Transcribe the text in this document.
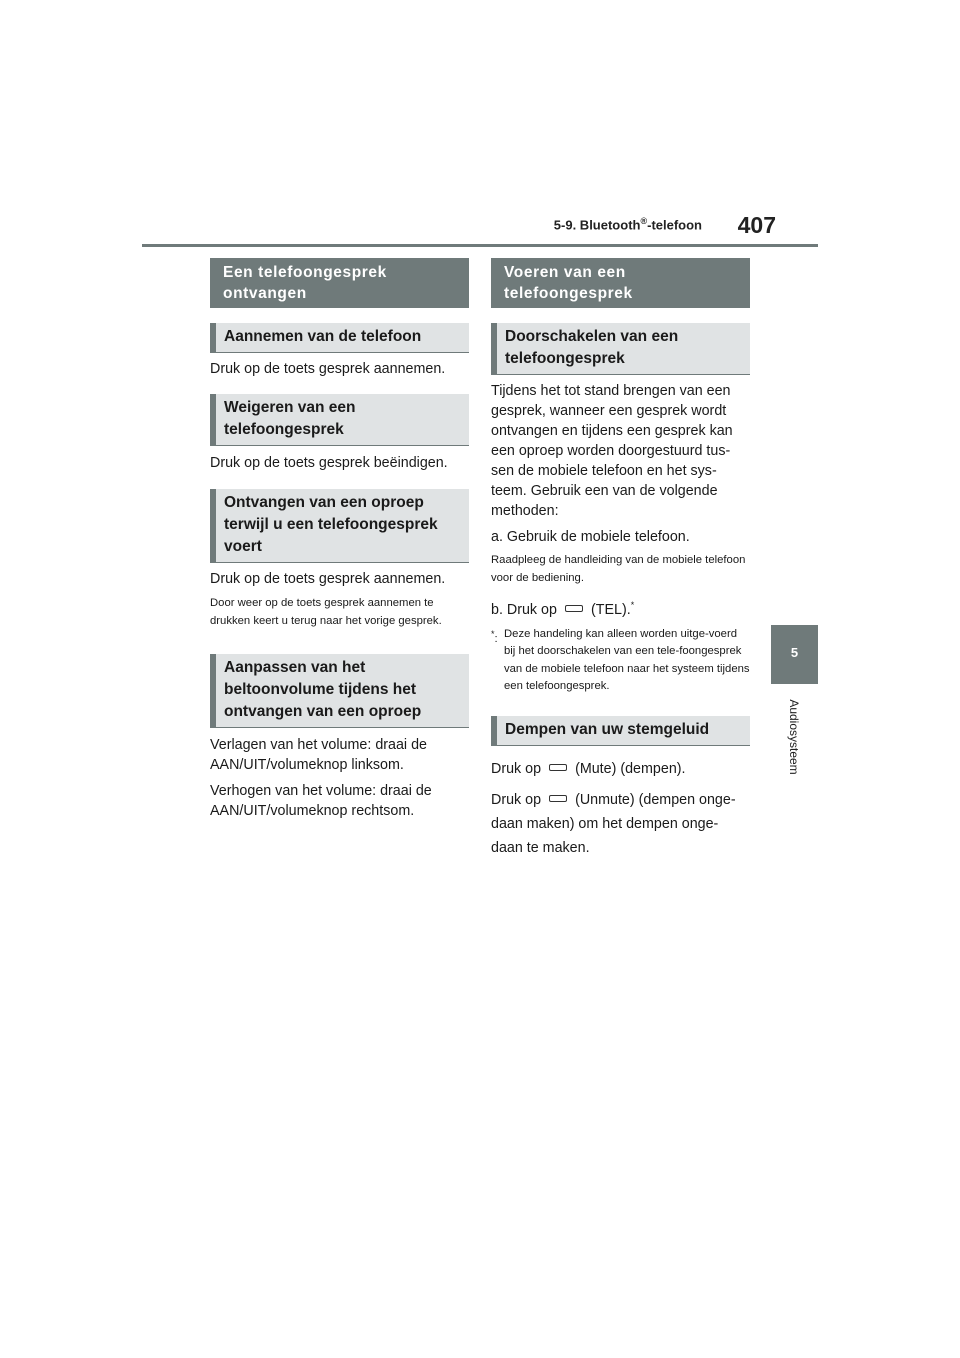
5-9. Bluetooth®-telefoon	407
5
Audiosysteem
Een telefoongesprek ontvangen
Aannemen van de telefoon

Druk op de toets gesprek aannemen.

Weigeren van een telefoongesprek

Druk op de toets gesprek beëindigen.

Ontvangen van een oproep terwijl u een telefoongesprek voert

Druk op de toets gesprek aannemen.

Door weer op de toets gesprek aannemen te drukken keert u terug naar het vorige gesprek.

Aanpassen van het beltoonvolume tijdens het ontvangen van een oproep

Verlagen van het volume: draai de AAN/UIT/volumeknop linksom.

Verhogen van het volume: draai de AAN/UIT/volumeknop rechtsom.

Voeren van een telefoongesprek
Doorschakelen van een telefoongesprek

Tijdens het tot stand brengen van een gesprek, wanneer een gesprek wordt ontvangen en tijdens een gesprek kan een oproep worden doorgestuurd tus-sen de mobiele telefoon en het sys-teem. Gebruik een van de volgende methoden:

a. Gebruik de mobiele telefoon.

Raadpleeg de handleiding van de mobiele telefoon voor de bediening.

b. Druk op (TEL).*

*: Deze handeling kan alleen worden uitge-voerd bij het doorschakelen van een tele-foongesprek van de mobiele telefoon naar het systeem tijdens een telefoongesprek.
Dempen van uw stemgeluid

Druk op (Mute) (dempen).

Druk op (Unmute) (dempen onge-daan maken) om het dempen onge-daan te maken.
